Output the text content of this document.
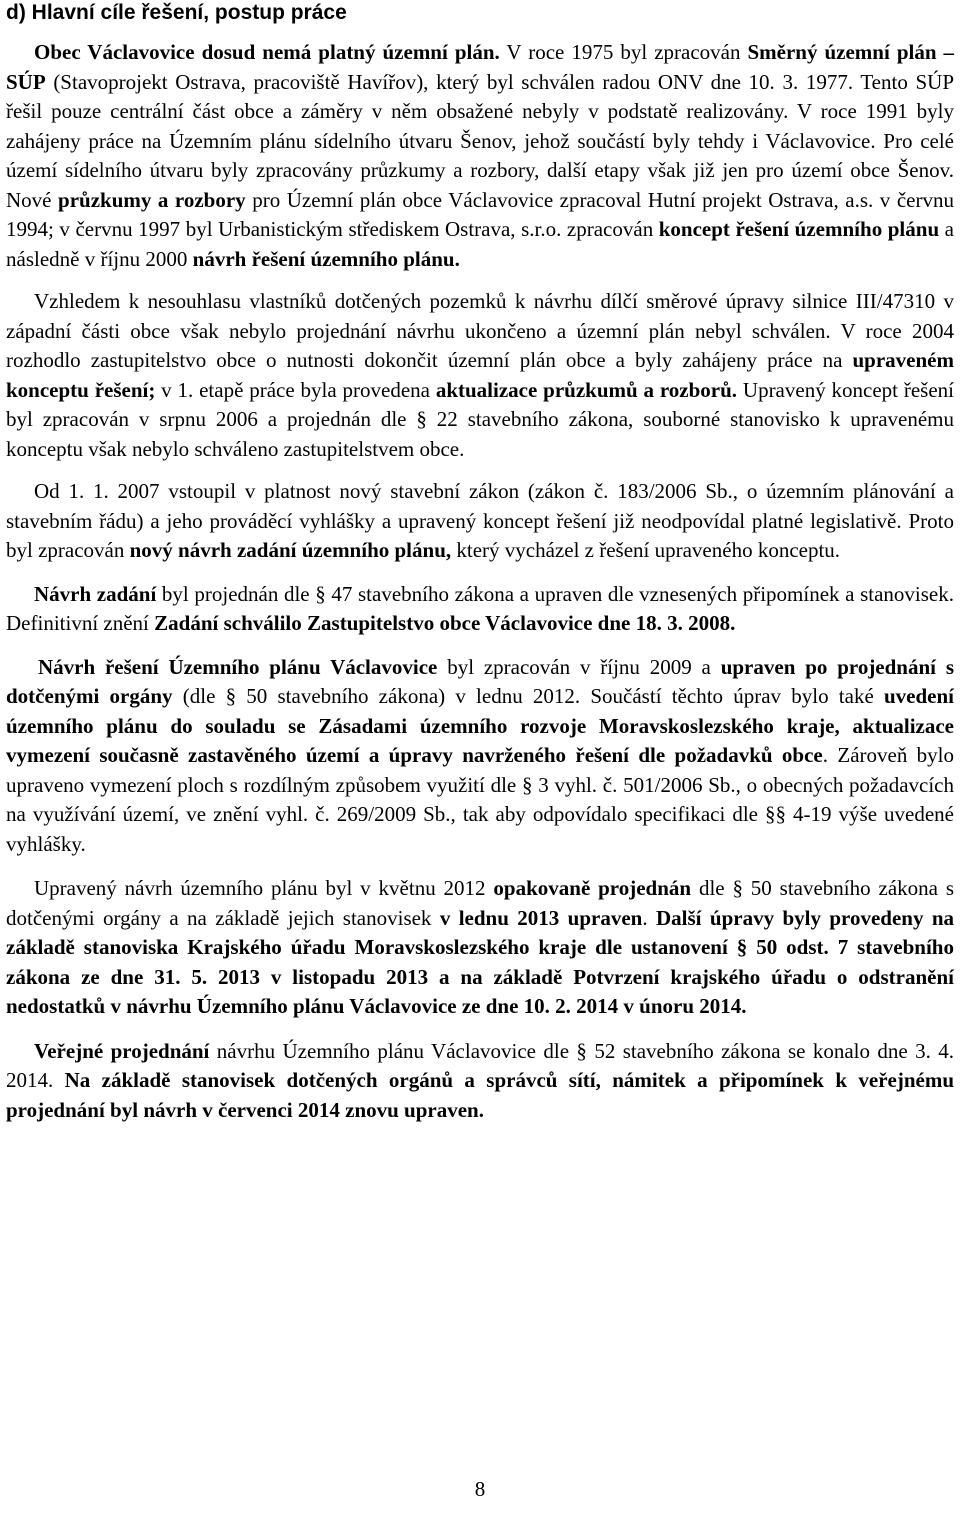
d) Hlavní cíle řešení, postup práce

Obec Václavovice dosud nemá platný územní plán. V roce 1975 byl zpracován Směrný územní plán – SÚP (Stavoprojekt Ostrava, pracoviště Havířov), který byl schválen radou ONV dne 10. 3. 1977. Tento SÚP řešil pouze centrální část obce a záměry v něm obsažené nebyly v podstatě realizovány. V roce 1991 byly zahájeny práce na Územním plánu sídelního útvaru Šenov, jehož součástí byly tehdy i Václavovice. Pro celé území sídelního útvaru byly zpracovány průzkumy a rozbory, další etapy však již jen pro území obce Šenov. Nové průzkumy a rozbory pro Územní plán obce Václavovice zpracoval Hutní projekt Ostrava, a.s. v červnu 1994; v červnu 1997 byl Urbanistickým střediskem Ostrava, s.r.o. zpracován koncept řešení územního plánu a následně v říjnu 2000 návrh řešení územního plánu.

Vzhledem k nesouhlasu vlastníků dotčených pozemků k návrhu dílčí směrové úpravy silnice III/47310 v západní části obce však nebylo projednání návrhu ukončeno a územní plán nebyl schválen. V roce 2004 rozhodlo zastupitelstvo obce o nutnosti dokončit územní plán obce a byly zahájeny práce na upraveném konceptu řešení; v 1. etapě práce byla provedena aktualizace průzkumů a rozborů. Upravený koncept řešení byl zpracován v srpnu 2006 a projednán dle § 22 stavebního zákona, souborné stanovisko k upravenému konceptu však nebylo schváleno zastupitelstvem obce.

Od 1. 1. 2007 vstoupil v platnost nový stavební zákon (zákon č. 183/2006 Sb., o územním plánování a stavebním řádu) a jeho prováděcí vyhlášky a upravený koncept řešení již neodpovídal platné legislativě. Proto byl zpracován nový návrh zadání územního plánu, který vycházel z řešení upraveného konceptu.

Návrh zadání byl projednán dle § 47 stavebního zákona a upraven dle vznesených připomínek a stanovisek. Definitivní znění Zadání schválilo Zastupitelstvo obce Václavovice dne 18. 3. 2008.

Návrh řešení Územního plánu Václavovice byl zpracován v říjnu 2009 a upraven po projednání s dotčenými orgány (dle § 50 stavebního zákona) v lednu 2012. Součástí těchto úprav bylo také uvedení územního plánu do souladu se Zásadami územního rozvoje Moravskoslezského kraje, aktualizace vymezení současně zastavěného území a úpravy navrženého řešení dle požadavků obce. Zároveň bylo upraveno vymezení ploch s rozdílným způsobem využití dle § 3 vyhl. č. 501/2006 Sb., o obecných požadavcích na využívání území, ve znění vyhl. č. 269/2009 Sb., tak aby odpovídalo specifikaci dle §§ 4-19 výše uvedené vyhlášky.

Upravený návrh územního plánu byl v květnu 2012 opakovaně projednán dle § 50 stavebního zákona s dotčenými orgány a na základě jejich stanovisek v lednu 2013 upraven. Další úpravy byly provedeny na základě stanoviska Krajského úřadu Moravskoslezského kraje dle ustanovení § 50 odst. 7 stavebního zákona ze dne 31. 5. 2013 v listopadu 2013 a na základě Potvrzení krajského úřadu o odstranění nedostatků v návrhu Územního plánu Václavovice ze dne 10. 2. 2014 v únoru 2014.

Veřejné projednání návrhu Územního plánu Václavovice dle § 52 stavebního zákona se konalo dne 3. 4. 2014. Na základě stanovisek dotčených orgánů a správců sítí, námitek a připomínek k veřejnému projednání byl návrh v červenci 2014 znovu upraven.

8
